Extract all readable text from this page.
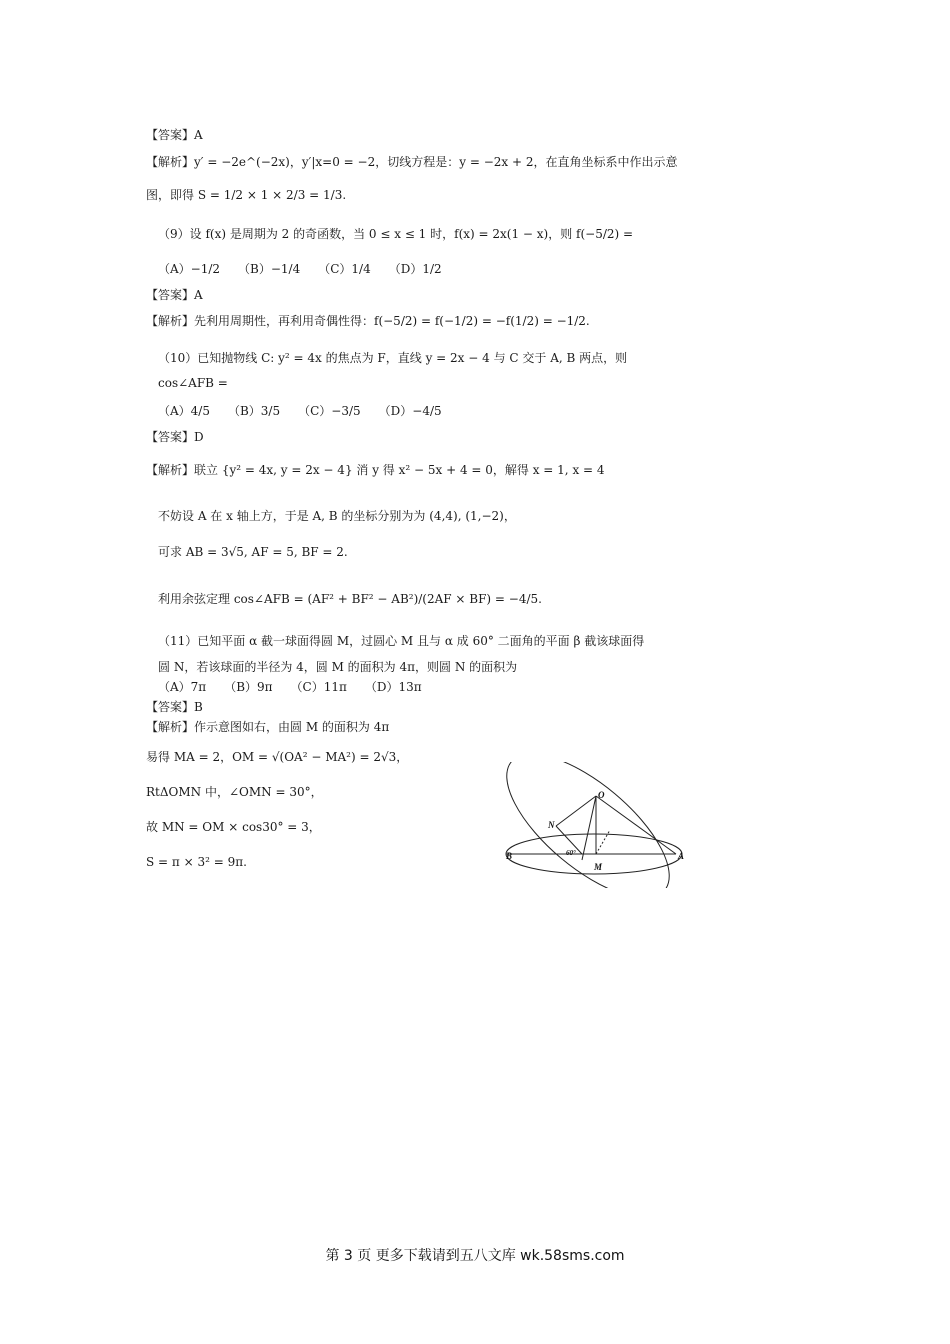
【答案】A
【解析】y′ = −2e^(−2x)，y′|x=0 = −2，切线方程是：y = −2x + 2，在直角坐标系中作出示意
图，即得 S = 1/2 × 1 × 2/3 = 1/3.
（9）设 f(x) 是周期为 2 的奇函数，当 0 ≤ x ≤ 1 时，f(x) = 2x(1 − x)，则 f(−5/2) =
（A）−1/2　　（B）−1/4　　（C）1/4　　（D）1/2
【答案】A
【解析】先利用周期性，再利用奇偶性得：f(−5/2) = f(−1/2) = −f(1/2) = −1/2.
（10）已知抛物线 C: y² = 4x 的焦点为 F，直线 y = 2x − 4 与 C 交于 A, B 两点，则
cos∠AFB =
（A）4/5　　（B）3/5　　（C）−3/5　　（D）−4/5
【答案】D
【解析】联立 {y² = 4x, y = 2x − 4} 消 y 得 x² − 5x + 4 = 0，解得 x = 1, x = 4
不妨设 A 在 x 轴上方，于是 A, B 的坐标分别为为 (4,4), (1,−2)，
可求 AB = 3√5, AF = 5, BF = 2.
利用余弦定理 cos∠AFB = (AF² + BF² − AB²)/(2AF × BF) = −4/5.
（11）已知平面 α 截一球面得圆 M，过圆心 M 且与 α 成 60° 二面角的平面 β 截该球面得
圆 N，若该球面的半径为 4，圆 M 的面积为 4π，则圆 N 的面积为
（A）7π　　（B）9π　　（C）11π　　（D）13π
【答案】B
【解析】作示意图如右，由圆 M 的面积为 4π
易得 MA = 2，OM = √(OA² − MA²) = 2√3，
RtΔOMN 中，∠OMN = 30°，
故 MN = OM × cos30° = 3，
S = π × 3² = 9π.
O
N
M
A
B	60°
第 3 页 更多下载请到五八文库 wk.58sms.com
